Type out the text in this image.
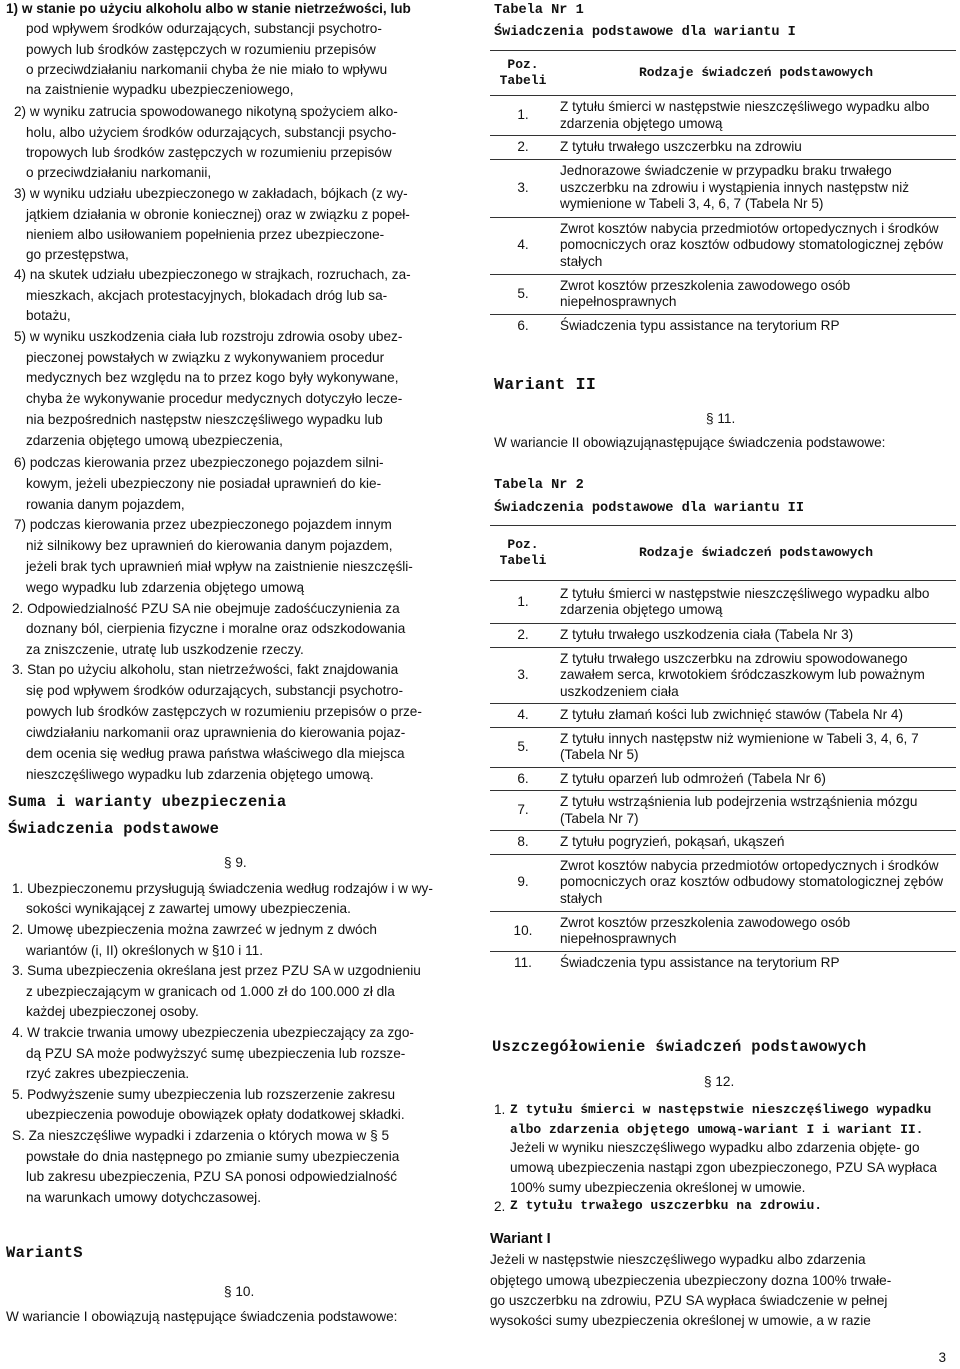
1) w stanie po użyciu alkoholu albo w stanie nietrzeźwości, lub
pod wpływem środków odurzających, substancji psychotro-
powych lub środków zastępczych w rozumieniu przepisów
o przeciwdziałaniu narkomanii chyba że nie miało to wpływu
na zaistnienie wypadku ubezpieczeniowego,
2) w wyniku zatrucia spowodowanego nikotyną spożyciem alko-
holu, albo użyciem środków odurzających, substancji psycho-
tropowych lub środków zastępczych w rozumieniu przepisów
o przeciwdziałaniu narkomanii,
3) w wyniku udziału ubezpieczonego w zakładach, bójkach (z wy-
jątkiem działania w obronie koniecznej) oraz w związku z popeł-
nieniem albo usiłowaniem popełnienia przez ubezpieczone-
go przestępstwa,
4) na skutek udziału ubezpieczonego w strajkach, rozruchach, za-
mieszkach, akcjach protestacyjnych, blokadach dróg lub sa-
botażu,
5) w wyniku uszkodzenia ciała lub rozstroju zdrowia osoby ubez-
pieczonej powstałych w związku z wykonywaniem procedur
medycznych bez względu na to przez kogo były wykonywane,
chyba że wykonywanie procedur medycznych dotyczyło lecze-
nia bezpośrednich następstw nieszczęśliwego wypadku lub
zdarzenia objętego umową ubezpieczenia,
6) podczas kierowania przez ubezpieczonego pojazdem silni-
kowym, jeżeli ubezpieczony nie posiadał uprawnień do kie-
rowania danym pojazdem,
7) podczas kierowania przez ubezpieczonego pojazdem innym
niż silnikowy bez uprawnień do kierowania danym pojazdem,
jeżeli brak tych uprawnień miał wpływ na zaistnienie nieszczęśli-
wego wypadku lub zdarzenia objętego umową
2. Odpowiedzialność PZU SA nie obejmuje zadośćuczynienia za
doznany ból, cierpienia fizyczne i moralne oraz odszkodowania
za zniszczenie, utratę lub uszkodzenie rzeczy.
3. Stan po użyciu alkoholu, stan nietrzeźwości, fakt znajdowania
się pod wpływem środków odurzających, substancji psychotro-
powych lub środków zastępczych w rozumieniu przepisów o prze-
ciwdziałaniu narkomanii oraz uprawnienia do kierowania pojaz-
dem ocenia się według prawa państwa właściwego dla miejsca
nieszczęśliwego wypadku lub zdarzenia objętego umową.
Suma i warianty ubezpieczenia
Świadczenia podstawowe
§ 9.
1. Ubezpieczonemu przysługują świadczenia według rodzajów i w wy-
sokości wynikającej z zawartej umowy ubezpieczenia.
2. Umowę ubezpieczenia można zawrzeć w jednym z dwóch
wariantów (i, II) określonych w §10 i 11.
3. Suma ubezpieczenia określana jest przez PZU SA w uzgodnieniu
z ubezpieczającym w granicach od 1.000 zł do 100.000 zł dla
każdej ubezpieczonej osoby.
4. W trakcie trwania umowy ubezpieczenia ubezpieczający za zgo-
dą PZU SA może podwyższyć sumę ubezpieczenia lub rozsze-
rzyć zakres ubezpieczenia.
5. Podwyższenie sumy ubezpieczenia lub rozszerzenie zakresu
ubezpieczenia powoduje obowiązek opłaty dodatkowej składki.
S. Za nieszczęśliwe wypadki i zdarzenia o których mowa w § 5
powstałe do dnia następnego po zmianie sumy ubezpieczenia
lub zakresu ubezpieczenia, PZU SA ponosi odpowiedzialność
na warunkach umowy dotychczasowej.
WariantS
§ 10.
W wariancie I obowiązują następujące świadczenia podstawowe:
Tabela Nr 1
Świadczenia podstawowe dla wariantu I
Poz. Tabeli	Rodzaje świadczeń podstawowych
1.	Z tytułu śmierci w następstwie nieszczęśliwego wypadku albo zdarzenia objętego umową
2.	Z tytułu trwałego uszczerbku na zdrowiu
3.	Jednorazowe świadczenie w przypadku braku trwałego uszczerbku na zdrowiu i wystąpienia innych następstw niż wymienione w Tabeli 3, 4, 6, 7 (Tabela Nr 5)
4.	Zwrot kosztów nabycia przedmiotów ortopedycznych i środków pomocniczych oraz kosztów odbudowy stomatologicznej zębów stałych
5.	Zwrot kosztów przeszkolenia zawodowego osób niepełnosprawnych
6.	Świadczenia typu assistance na terytorium RP
Wariant II
§ 11.
W wariancie II obowiązująnastępujące świadczenia podstawowe:
Tabela Nr 2
Świadczenia podstawowe dla wariantu II
Poz. Tabeli	Rodzaje świadczeń podstawowych
1.	Z tytułu śmierci w następstwie nieszczęśliwego wypadku albo zdarzenia objętego umową
2.	Z tytułu trwałego uszkodzenia ciała (Tabela Nr 3)
3.	Z tytułu trwałego uszczerbku na zdrowiu spowodowanego zawałem serca, krwotokiem śródczaszkowym lub poważnym uszkodzeniem ciała
4.	Z tytułu złamań kości lub zwichnięć stawów (Tabela Nr 4)
5.	Z tytułu innych następstw niż wymienione w Tabeli 3, 4, 6, 7 (Tabela Nr 5)
6.	Z tytułu oparzeń lub odmrożeń (Tabela Nr 6)
7.	Z tytułu wstrząśnienia lub podejrzenia wstrząśnienia mózgu (Tabela Nr 7)
8.	Z tytułu pogryzień, pokąsań, ukąszeń
9.	Zwrot kosztów nabycia przedmiotów ortopedycznych i środków pomocniczych oraz kosztów odbudowy stomatologicznej zębów stałych
10.	Zwrot kosztów przeszkolenia zawodowego osób niepełnosprawnych
11.	Świadczenia typu assistance na terytorium RP
Uszczegółowienie świadczeń podstawowych
§ 12.
1. Z tytułu śmierci w następstwie nieszczęśliwego wypadku albo zdarzenia objętego umową-wariant I i wariant II.
Jeżeli w wyniku nieszczęśliwego wypadku albo zdarzenia objęte- go umową ubezpieczenia nastąpi zgon ubezpieczonego, PZU SA wypłaca 100% sumy ubezpieczenia określonej w umowie.
2. Z tytułu trwałego uszczerbku na zdrowiu.
Wariant I
Jeżeli w następstwie nieszczęśliwego wypadku albo zdarzenia
objętego umową ubezpieczenia ubezpieczony dozna 100% trwałe-
go uszczerbku na zdrowiu, PZU SA wypłaca świadczenie w pełnej
wysokości sumy ubezpieczenia określonej w umowie, a w razie
3
